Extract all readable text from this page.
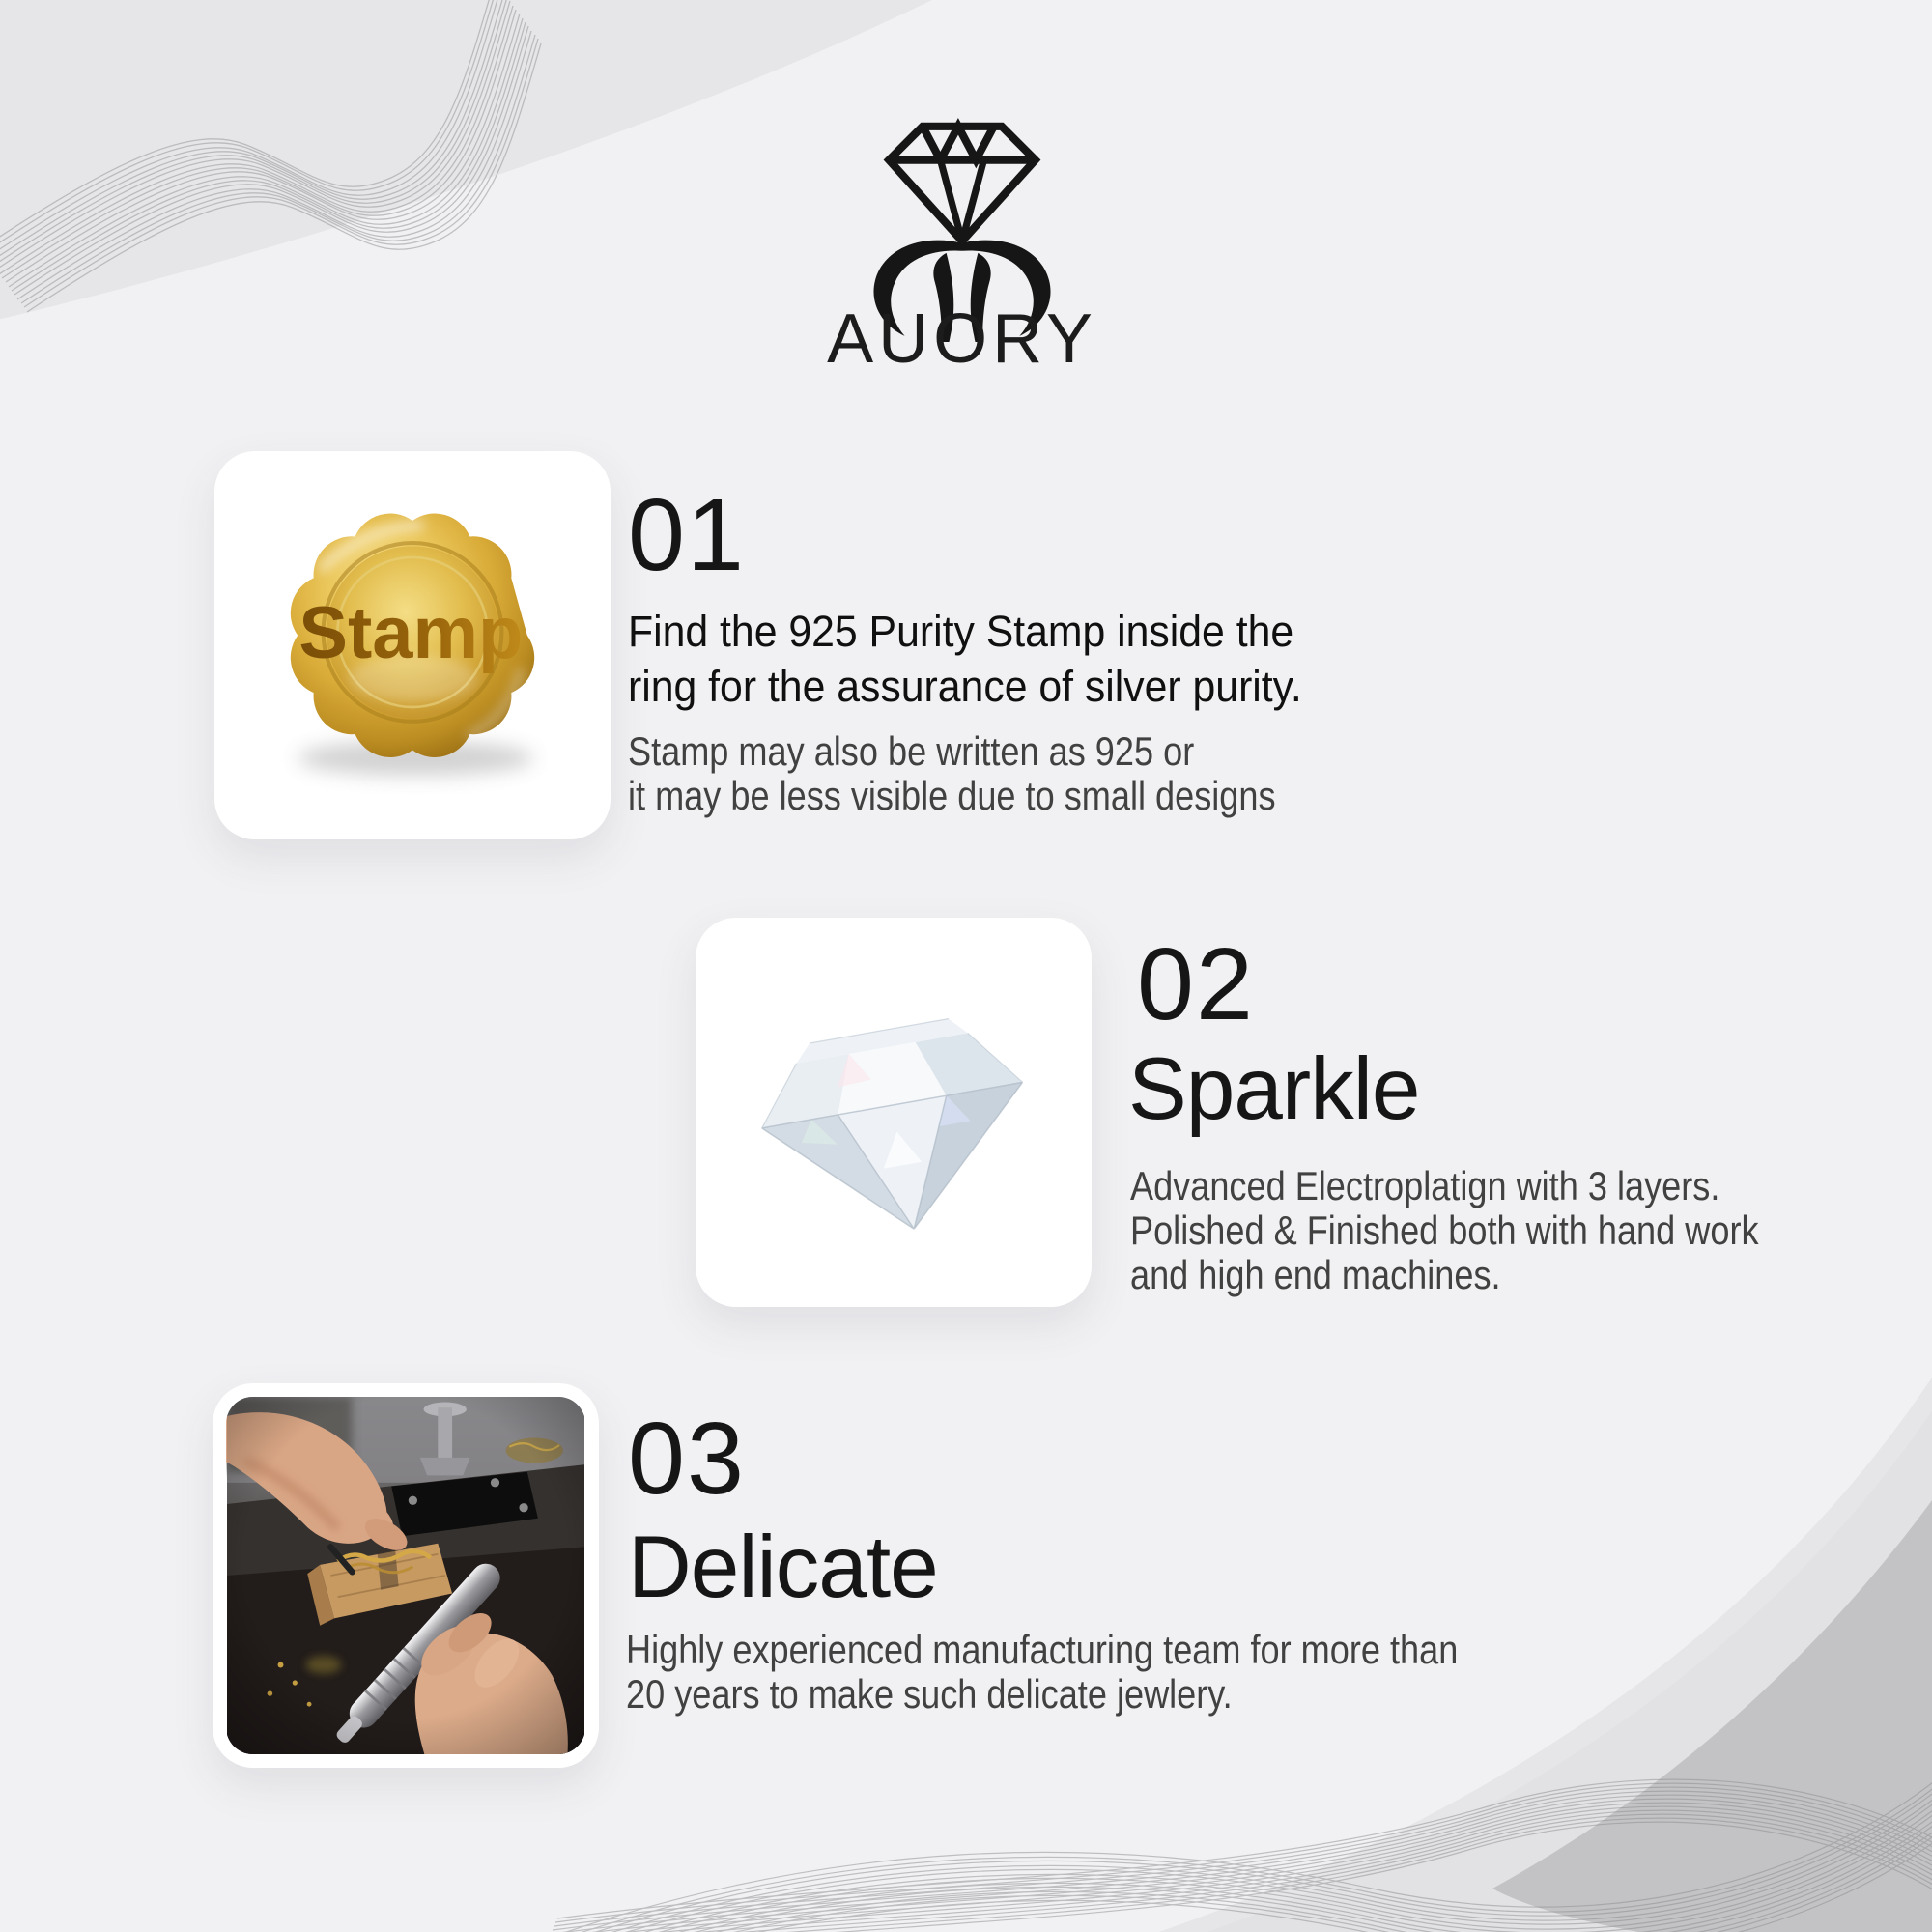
AUORY
Stamp
01
Find the 925 Purity Stamp inside the
ring for the assurance of silver purity.
Stamp may also be written as 925 or
it may be less visible due to small designs
02
Sparkle
Advanced Electroplatign with 3 layers.
Polished & Finished both with hand work
and high end machines.
03
Delicate
Highly experienced manufacturing team for more than
20 years to make such delicate jewlery.
